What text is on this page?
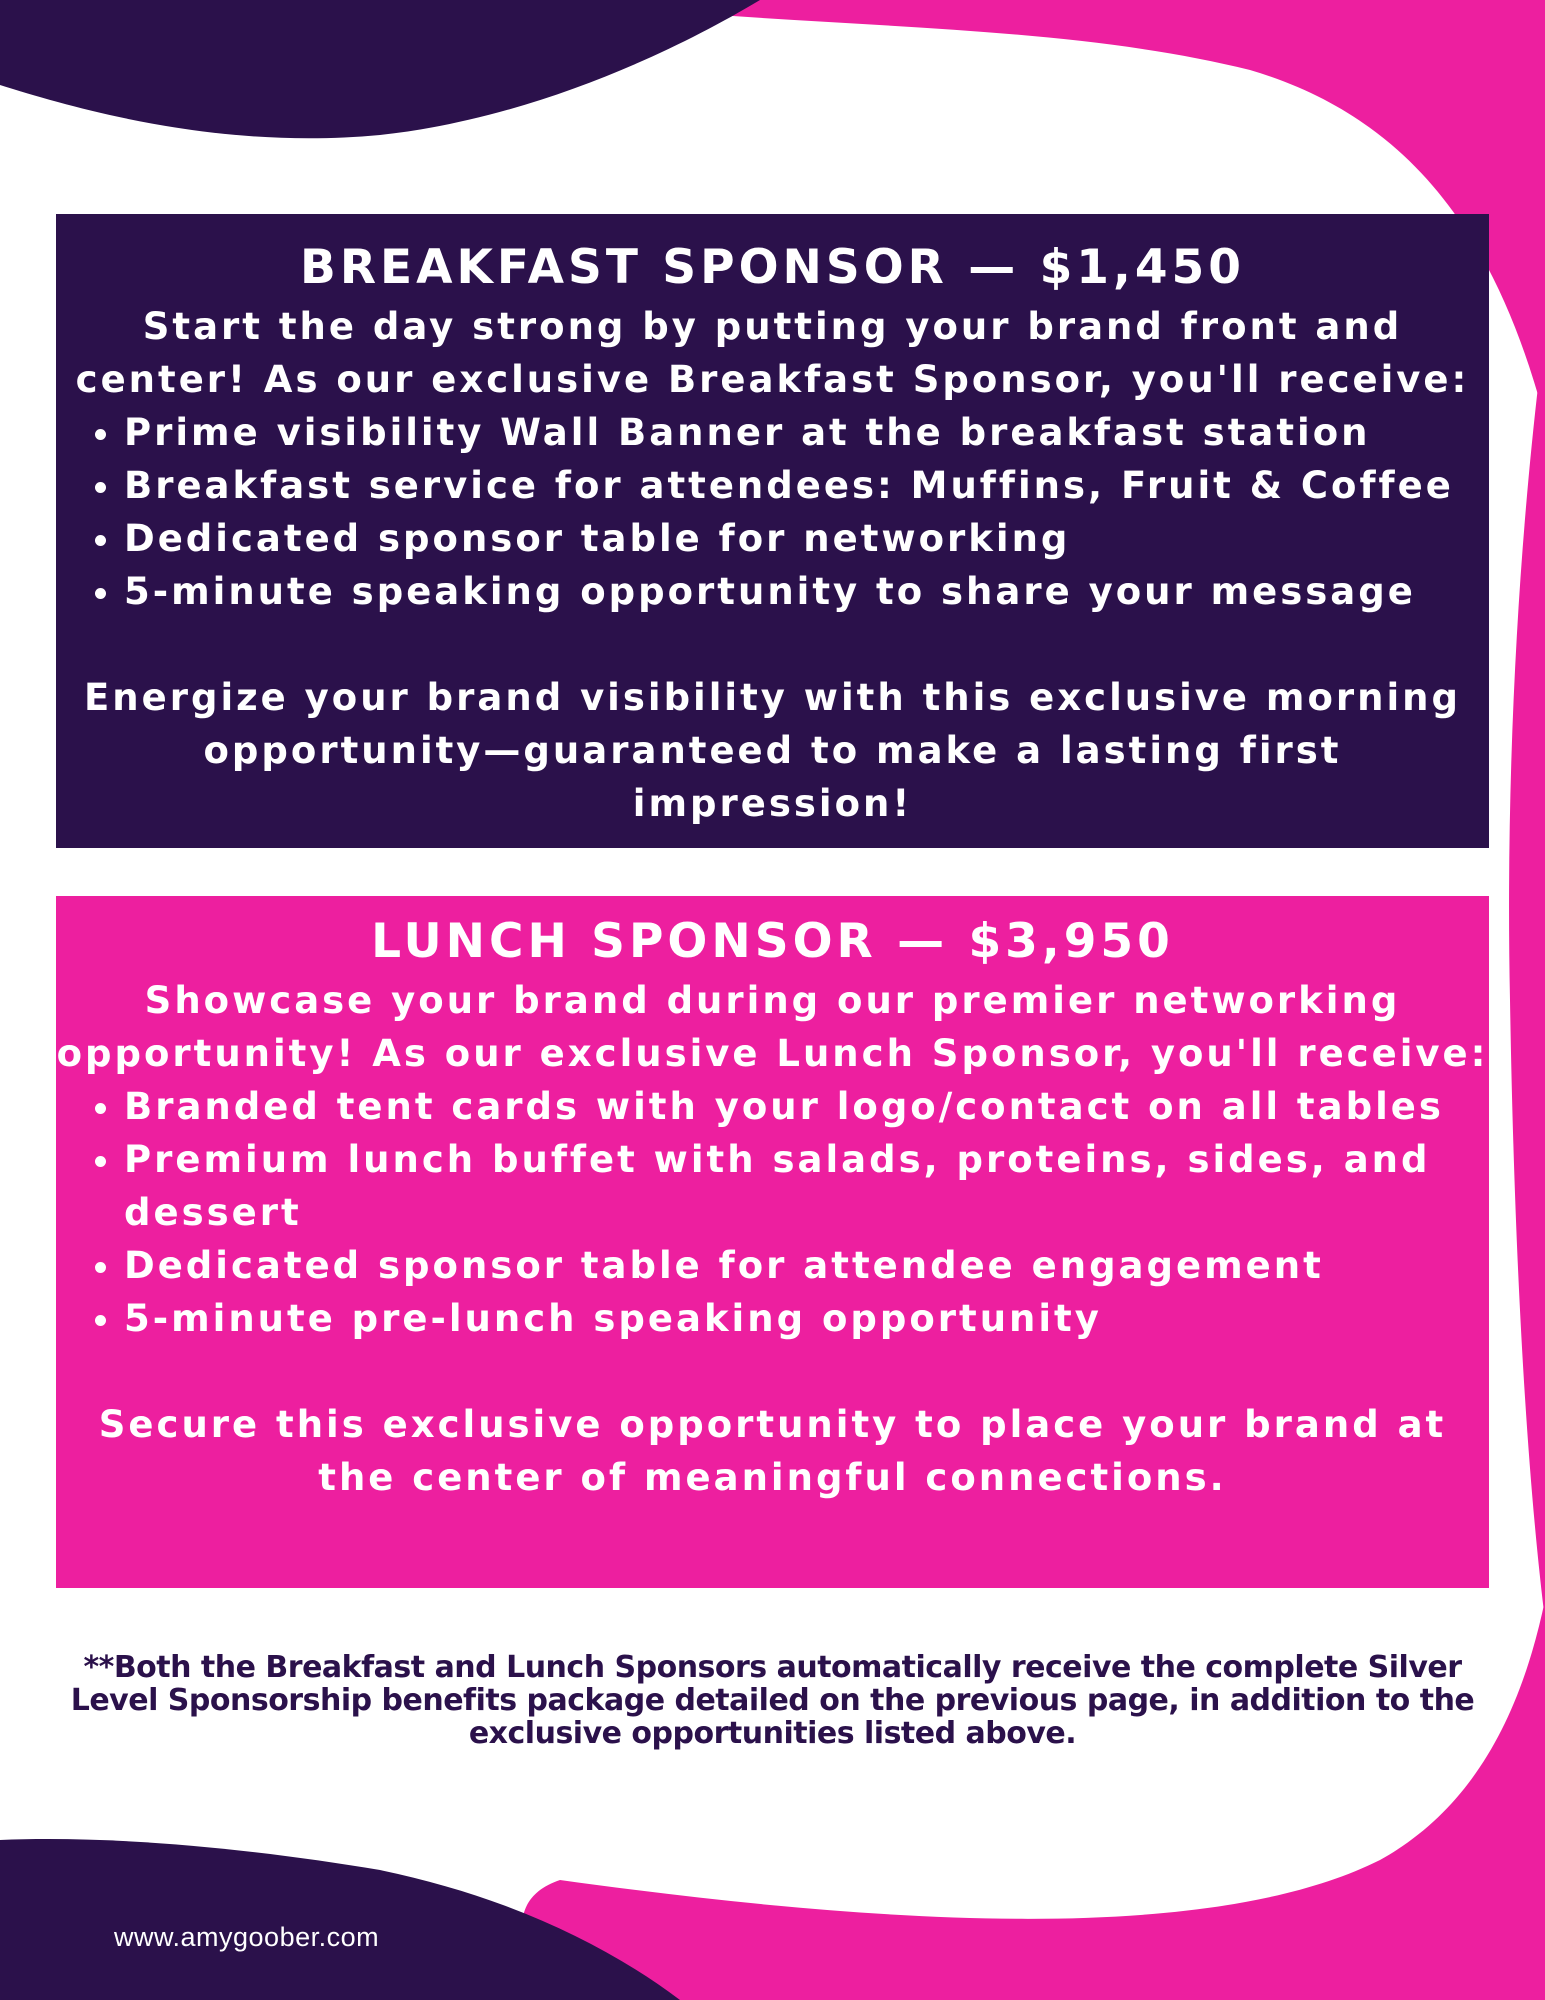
BREAKFAST SPONSOR — $1,450

Start the day strong by putting your brand front and center! As our exclusive Breakfast Sponsor, you'll receive:

• Prime visibility Wall Banner at the breakfast station
• Breakfast service for attendees: Muffins, Fruit & Coffee
• Dedicated sponsor table for networking
• 5-minute speaking opportunity to share your message

Energize your brand visibility with this exclusive morning opportunity—guaranteed to make a lasting first impression!

LUNCH SPONSOR — $3,950

Showcase your brand during our premier networking opportunity! As our exclusive Lunch Sponsor, you'll receive:

• Branded tent cards with your logo/contact on all tables
• Premium lunch buffet with salads, proteins, sides, and dessert
• Dedicated sponsor table for attendee engagement
• 5-minute pre-lunch speaking opportunity

Secure this exclusive opportunity to place your brand at the center of meaningful connections.

**Both the Breakfast and Lunch Sponsors automatically receive the complete Silver Level Sponsorship benefits package detailed on the previous page, in addition to the exclusive opportunities listed above.

www.amygoober.com
